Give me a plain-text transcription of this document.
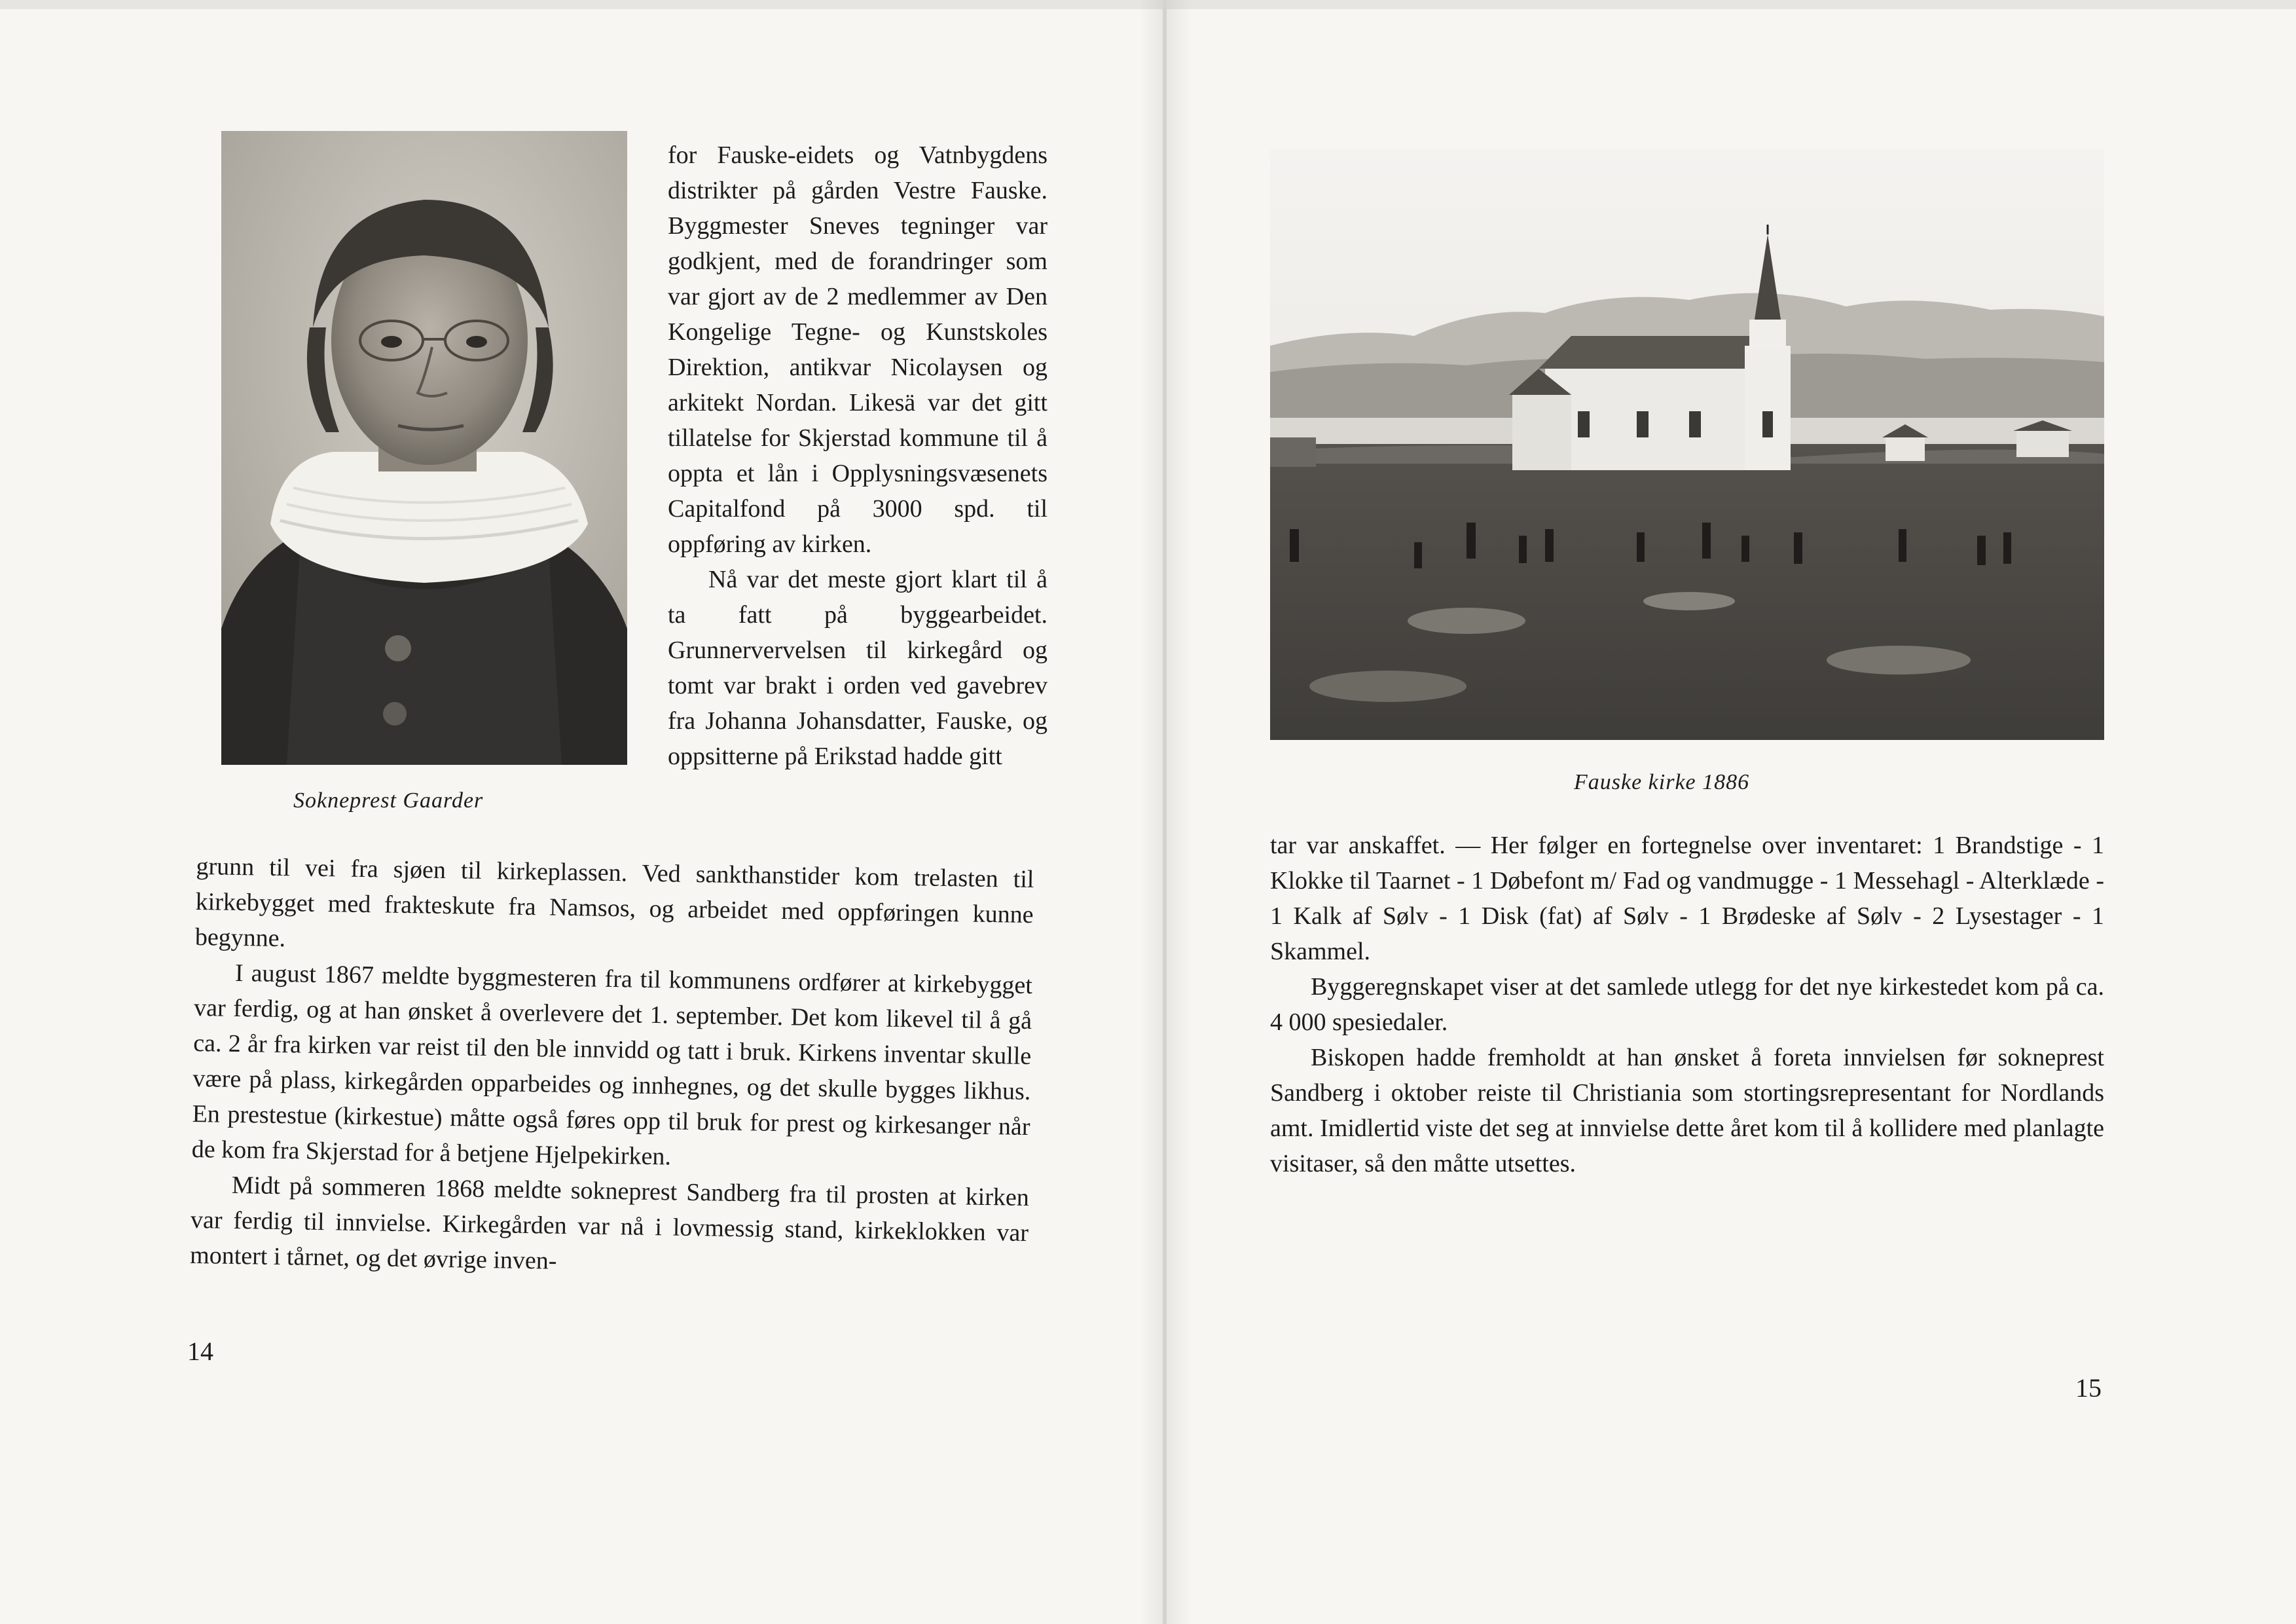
Sokneprest Gaarder

for Fauske-eidets og Vatnbygdens distrikter på gården Vestre Fauske. Byggmester Sneves tegninger var godkjent, med de forandringer som var gjort av de 2 medlemmer av Den Kongelige Tegne- og Kunstskoles Direktion, antikvar Nicolaysen og arkitekt Nordan. Likesä var det gitt tillatelse for Skjerstad kommune til å oppta et lån i Opplysningsvæsenets Capitalfond på 3000 spd. til oppføring av kirken.

Nå var det meste gjort klart til å ta fatt på byggearbeidet. Grunnervervelsen til kirkegård og tomt var brakt i orden ved gavebrev fra Johanna Johansdatter, Fauske, og oppsitterne på Erikstad hadde gitt

grunn til vei fra sjøen til kirkeplassen. Ved sankthanstider kom trelasten til kirkebygget med frakteskute fra Namsos, og arbeidet med oppføringen kunne begynne.

I august 1867 meldte byggmesteren fra til kommunens ordfører at kirkebygget var ferdig, og at han ønsket å overlevere det 1. september. Det kom likevel til å gå ca. 2 år fra kirken var reist til den ble innvidd og tatt i bruk. Kirkens inventar skulle være på plass, kirkegården opparbeides og innhegnes, og det skulle bygges likhus. En prestestue (kirkestue) måtte også føres opp til bruk for prest og kirkesanger når de kom fra Skjerstad for å betjene Hjelpekirken.

Midt på sommeren 1868 meldte sokneprest Sandberg fra til prosten at kirken var ferdig til innvielse. Kirkegården var nå i lovmessig stand, kirkeklokken var montert i tårnet, og det øvrige inven-

14
Fauske kirke 1886

tar var anskaffet. — Her følger en fortegnelse over inventaret: 1 Brandstige - 1 Klokke til Taarnet - 1 Døbefont m/ Fad og vandmugge - 1 Messehagl - Alterklæde - 1 Kalk af Sølv - 1 Disk (fat) af Sølv - 1 Brødeske af Sølv - 2 Lysestager - 1 Skammel.

Byggeregnskapet viser at det samlede utlegg for det nye kirkestedet kom på ca. 4 000 spesiedaler.

Biskopen hadde fremholdt at han ønsket å foreta innvielsen før sokneprest Sandberg i oktober reiste til Christiania som stortingsrepresentant for Nordlands amt. Imidlertid viste det seg at innvielse dette året kom til å kollidere med planlagte visitaser, så den måtte utsettes.

15
